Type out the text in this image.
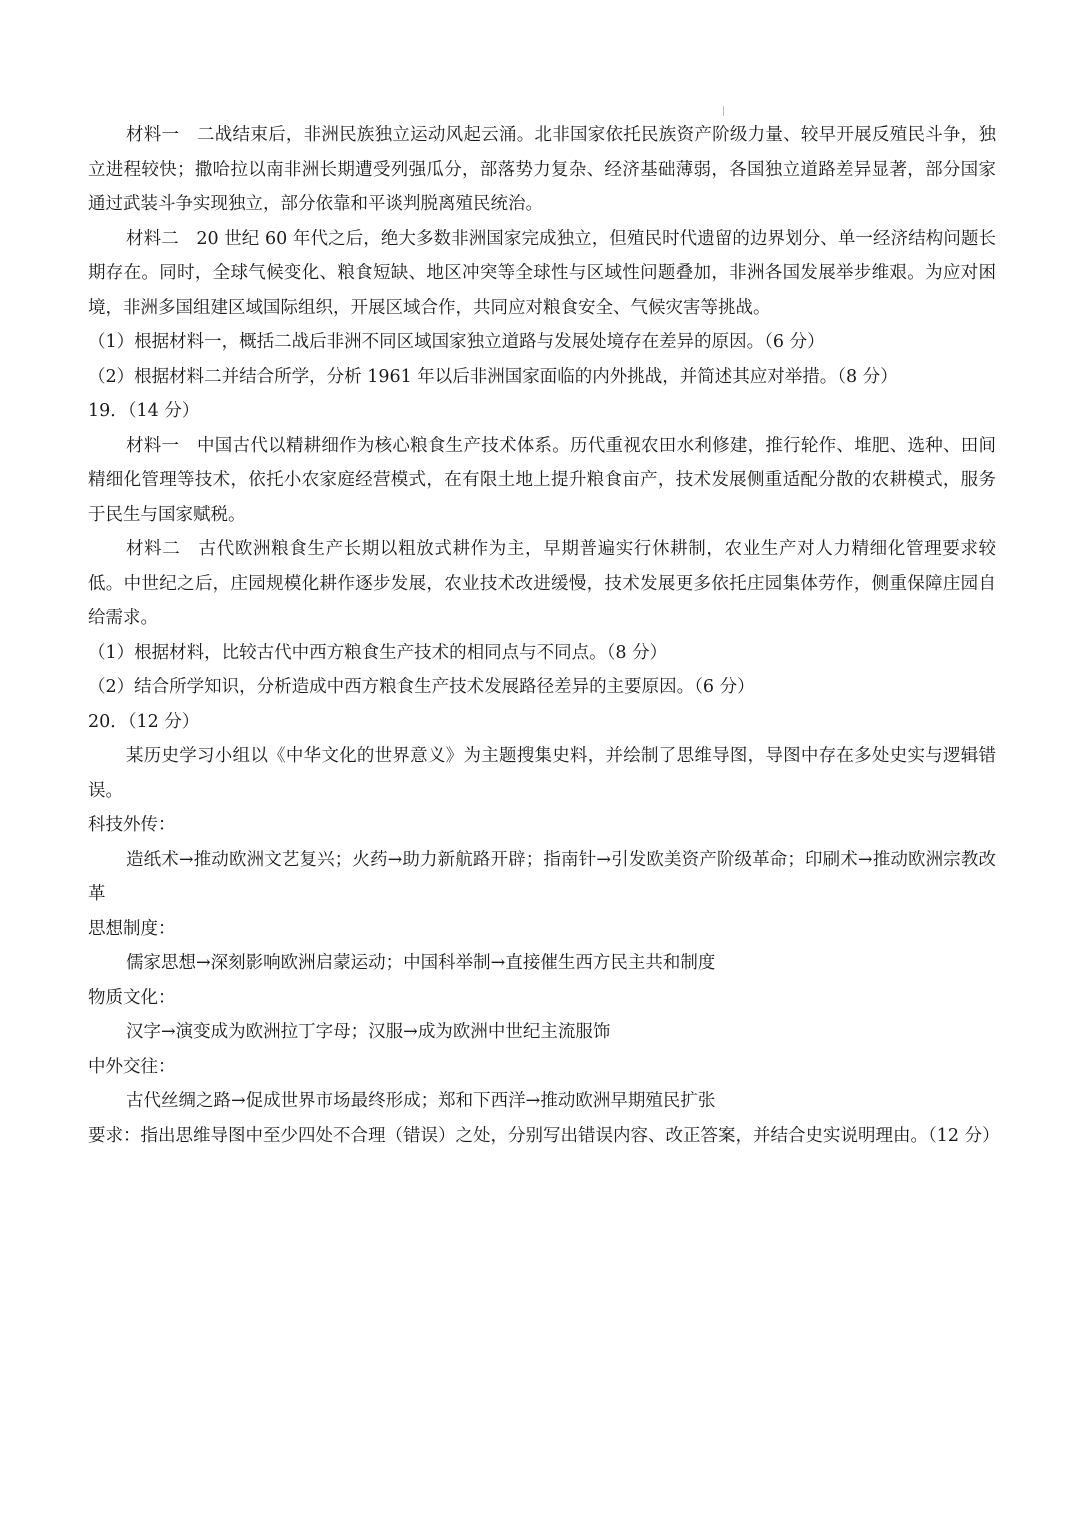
材料一　二战结束后，非洲民族独立运动风起云涌。北非国家依托民族资产阶级力量、较早开展反殖民斗争，独立进程较快；撒哈拉以南非洲长期遭受列强瓜分，部落势力复杂、经济基础薄弱，各国独立道路差异显著，部分国家通过武装斗争实现独立，部分依靠和平谈判脱离殖民统治。

材料二　20 世纪 60 年代之后，绝大多数非洲国家完成独立，但殖民时代遗留的边界划分、单一经济结构问题长期存在。同时，全球气候变化、粮食短缺、地区冲突等全球性与区域性问题叠加，非洲各国发展举步维艰。为应对困境，非洲多国组建区域国际组织，开展区域合作，共同应对粮食安全、气候灾害等挑战。

（1）根据材料一，概括二战后非洲不同区域国家独立道路与发展处境存在差异的原因。（6 分）

（2）根据材料二并结合所学，分析 1961 年以后非洲国家面临的内外挑战，并简述其应对举措。（8 分）

19．（14 分）

材料一　中国古代以精耕细作为核心粮食生产技术体系。历代重视农田水利修建，推行轮作、堆肥、选种、田间精细化管理等技术，依托小农家庭经营模式，在有限土地上提升粮食亩产，技术发展侧重适配分散的农耕模式，服务于民生与国家赋税。

材料二　古代欧洲粮食生产长期以粗放式耕作为主，早期普遍实行休耕制，农业生产对人力精细化管理要求较低。中世纪之后，庄园规模化耕作逐步发展，农业技术改进缓慢，技术发展更多依托庄园集体劳作，侧重保障庄园自给需求。

（1）根据材料，比较古代中西方粮食生产技术的相同点与不同点。（8 分）

（2）结合所学知识，分析造成中西方粮食生产技术发展路径差异的主要原因。（6 分）

20．（12 分）

某历史学习小组以《中华文化的世界意义》为主题搜集史料，并绘制了思维导图，导图中存在多处史实与逻辑错误。

科技外传：

造纸术→推动欧洲文艺复兴；火药→助力新航路开辟；指南针→引发欧美资产阶级革命；印刷术→推动欧洲宗教改革

思想制度：

儒家思想→深刻影响欧洲启蒙运动；中国科举制→直接催生西方民主共和制度

物质文化：

汉字→演变成为欧洲拉丁字母；汉服→成为欧洲中世纪主流服饰

中外交往：

古代丝绸之路→促成世界市场最终形成；郑和下西洋→推动欧洲早期殖民扩张

要求：指出思维导图中至少四处不合理（错误）之处，分别写出错误内容、改正答案，并结合史实说明理由。（12 分）
